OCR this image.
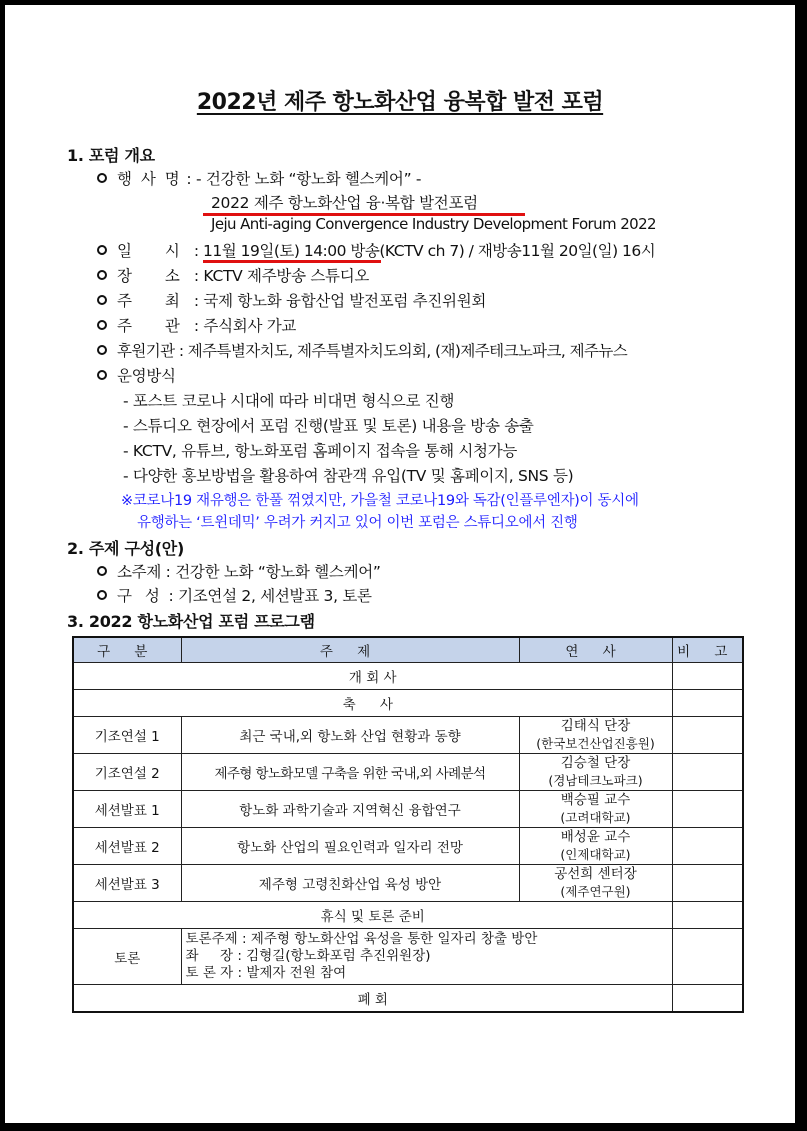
2022년 제주 항노화산업 융복합 발전 포럼
1. 포럼 개요
행 사 명 : - 건강한 노화 “항노화 헬스케어” -
2022 제주 항노화산업 융·복합 발전포럼
Jeju Anti-aging Convergence Industry Development Forum 2022
일 시: 11월 19일(토) 14:00 방송(KCTV ch 7) / 재방송11월 20일(일) 16시
장 소: KCTV 제주방송 스튜디오
주 최: 국제 항노화 융합산업 발전포럼 추진위원회
주 관: 주식회사 가교
후원기관 : 제주특별자치도, 제주특별자치도의회, (재)제주테크노파크, 제주뉴스
운영방식
- 포스트 코로나 시대에 따라 비대면 형식으로 진행
- 스튜디오 현장에서 포럼 진행(발표 및 토론) 내용을 방송 송출
- KCTV, 유튜브, 항노화포럼 홈페이지 접속을 통해 시청가능
- 다양한 홍보방법을 활용하여 참관객 유입(TV 및 홈페이지, SNS 등)
※코로나19 재유행은 한풀 꺾였지만, 가을철 코로나19와 독감(인플루엔자)이 동시에
유행하는 ‘트윈데믹’ 우려가 커지고 있어 이번 포럼은 스튜디오에서 진행
2. 주제 구성(안)
소주제 : 건강한 노화 “항노화 헬스케어”
구 성 : 기조연설 2, 세션발표 3, 토론
3. 2022 항노화산업 포럼 프로그램
구 분	주 제	연 사	비 고
개 회 사			
축 사			
기조연설 1	최근 국내,외 항노화 산업 현황과 동향	김태식 단장
(한국보건산업진흥원)	

기조연설 2	제주형 항노화모델 구축을 위한 국내,외 사례분석	김승철 단장
(경남테크노파크)	

세션발표 1	항노화 과학기술과 지역혁신 융합연구	백승필 교수
(고려대학교)	

세션발표 2	항노화 산업의 필요인력과 일자리 전망	배성윤 교수
(인제대학교)	

세션발표 3	제주형 고령친화산업 육성 방안	공선희 센터장
(제주연구원)	

휴식 및 토론 준비			
토론	토론주제 : 제주형 항노화산업 육성을 통한 일자리 창출 방안
좌     장 : 김형길(항노화포럼 추진위원장)
토 론 자 : 발제자 전원 참여		

폐 회			
